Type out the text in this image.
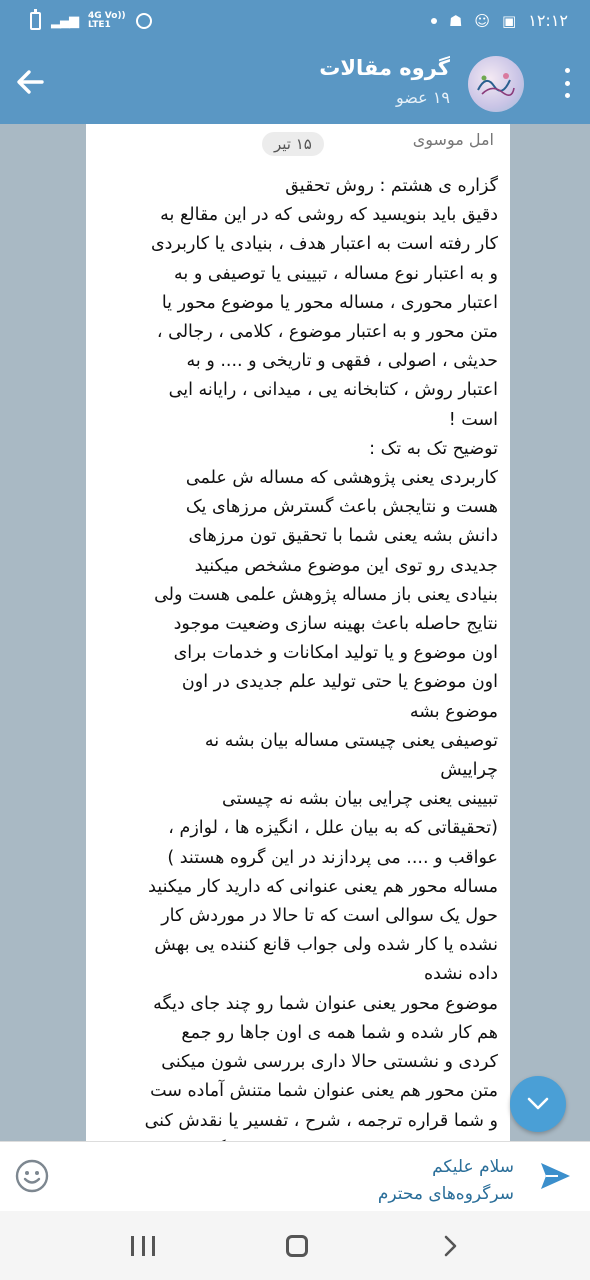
▂▄▆ 4G Vo))
LTE1	☗ ☺ ▣ ۱۲:۱۲
گروه مقالات
۱۹ عضو
امل موسوی
۱۵ تیر
گزاره ی هشتم : روش تحقیق
دقیق باید بنویسید که روشی که در این مقالع به
کار رفته است به اعتبار هدف ، بنیادی یا کاربردی
و به اعتبار نوع مساله ، تبیینی یا توصیفی و به
اعتبار محوری ، مساله محور یا موضوع محور یا
متن محور و به اعتبار موضوع ، کلامی ، رجالی ،
حدیثی ، اصولی ، فقهی و تاریخی و .... و به
اعتبار روش ، کتابخانه یی ، میدانی ، رایانه ایی
است !
توضیح تک به تک :
کاربردی یعنی پژوهشی که مساله ش علمی
هست و نتایجش باعث گسترش مرزهای یک
دانش بشه یعنی شما با تحقیق تون مرزهای
جدیدی رو توی این موضوع مشخص میکنید
بنیادی یعنی باز مساله پژوهش علمی هست ولی
نتایج حاصله باعث بهینه سازی وضعیت موجود
اون موضوع و یا تولید امکانات و خدمات برای
اون موضوع یا حتی تولید علم جدیدی در اون
موضوع بشه
توصیفی یعنی چیستی مساله بیان بشه نه
چراییش
تبیینی یعنی چرایی بیان بشه نه چیستی
(تحقیقاتی که به بیان علل ، انگیزه ها ، لوازم ،
عواقب و .... می پردازند در این گروه هستند )
مساله محور هم یعنی عنوانی که دارید کار میکنید
حول یک سوالی است که تا حالا در موردش کار
نشده یا کار شده ولی جواب قانع کننده یی بهش
داده نشده
موضوع محور یعنی عنوان شما رو چند جای دیگه
هم کار شده و شما همه ی اون جاها رو جمع
کردی و نشستی حالا داری بررسی شون میکنی
متن محور هم یعنی عنوان شما متنش آماده ست
و شما قراره ترجمه ، شرح ، تفسیر یا نقدش کنی
سلام علیکم
سرگروه‌های محترم
